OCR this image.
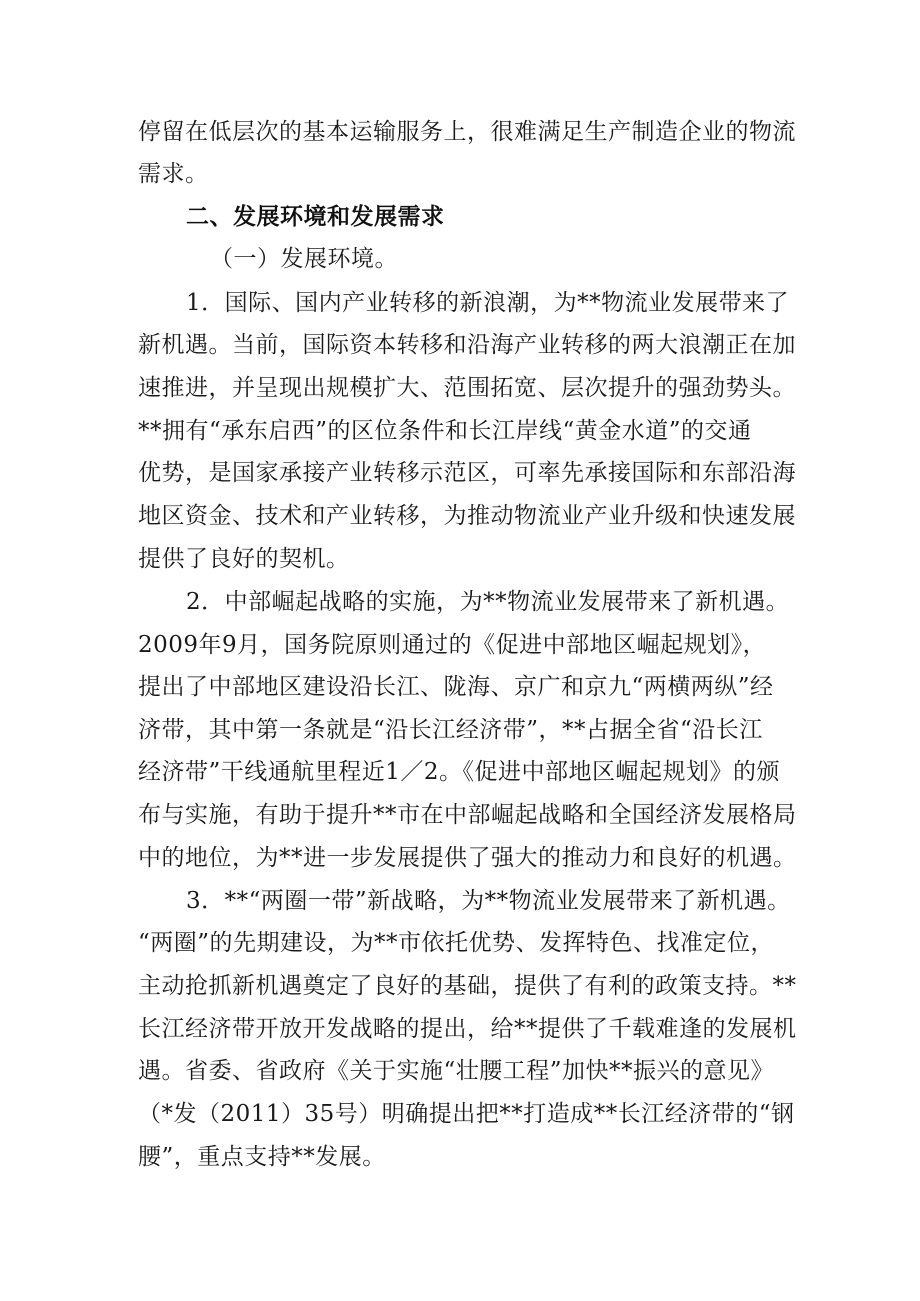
停留在低层次的基本运输服务上，很难满足生产制造企业的物流
需求。
二、发展环境和发展需求
（一）发展环境。
1．国际、国内产业转移的新浪潮，为**物流业发展带来了
新机遇。当前，国际资本转移和沿海产业转移的两大浪潮正在加
速推进，并呈现出规模扩大、范围拓宽、层次提升的强劲势头。
**拥有“承东启西”的区位条件和长江岸线“黄金水道”的交通
优势，是国家承接产业转移示范区，可率先承接国际和东部沿海
地区资金、技术和产业转移，为推动物流业产业升级和快速发展
提供了良好的契机。
2．中部崛起战略的实施，为**物流业发展带来了新机遇。
2009年9月，国务院原则通过的《促进中部地区崛起规划》，
提出了中部地区建设沿长江、陇海、京广和京九“两横两纵”经
济带，其中第一条就是“沿长江经济带”，**占据全省“沿长江
经济带”干线通航里程近1／2。《促进中部地区崛起规划》的颁
布与实施，有助于提升**市在中部崛起战略和全国经济发展格局
中的地位，为**进一步发展提供了强大的推动力和良好的机遇。
3．**“两圈一带”新战略，为**物流业发展带来了新机遇。
“两圈”的先期建设，为**市依托优势、发挥特色、找准定位，
主动抢抓新机遇奠定了良好的基础，提供了有利的政策支持。**
长江经济带开放开发战略的提出，给**提供了千载难逢的发展机
遇。省委、省政府《关于实施“壮腰工程”加快**振兴的意见》
（*发（2011）35号）明确提出把**打造成**长江经济带的“钢
腰”，重点支持**发展。
